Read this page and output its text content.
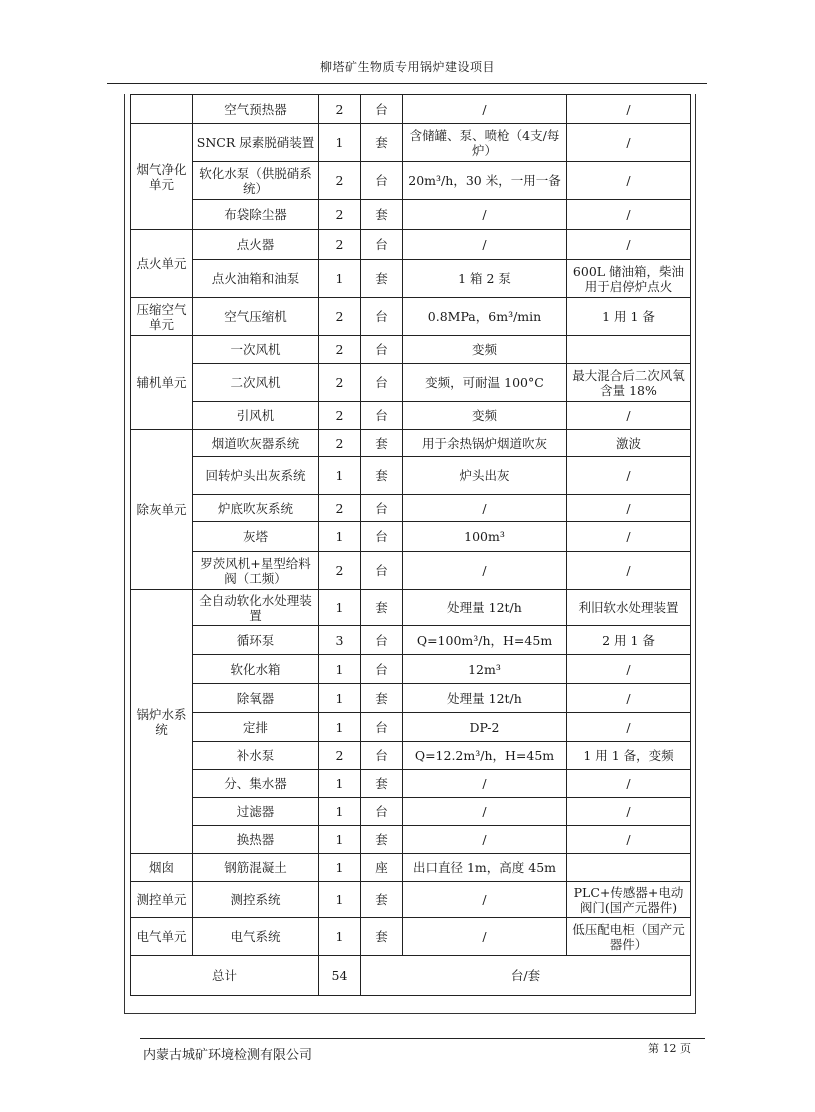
柳塔矿生物质专用锅炉建设项目
	空气预热器	2	台	/	/
烟气净化单元	SNCR 尿素脱硝装置	1	套	含储罐、泵、喷枪（4支/每炉）	/
	软化水泵（供脱硝系统）	2	台	20m³/h，30 米，一用一备	/
	布袋除尘器	2	套	/	/
点火单元	点火器	2	台	/	/
	点火油箱和油泵	1	套	1 箱 2 泵	600L 储油箱，柴油用于启停炉点火
压缩空气单元	空气压缩机	2	台	0.8MPa，6m³/min	1 用 1 备
辅机单元	一次风机	2	台	变频	
	二次风机	2	台	变频，可耐温 100°C	最大混合后二次风氧含量 18%
	引风机	2	台	变频	/
除灰单元	烟道吹灰器系统	2	套	用于余热锅炉烟道吹灰	激波
	回转炉头出灰系统	1	套	炉头出灰	/
	炉底吹灰系统	2	台	/	/
	灰塔	1	台	100m³	/
	罗茨风机+星型给料阀（工频）	2	台	/	/
锅炉水系统	全自动软化水处理装置	1	套	处理量 12t/h	利旧软水处理装置
	循环泵	3	台	Q=100m³/h，H=45m	2 用 1 备
	软化水箱	1	台	12m³	/
	除氧器	1	套	处理量 12t/h	/
	定排	1	台	DP-2	/
	补水泵	2	台	Q=12.2m³/h，H=45m	1 用 1 备，变频
	分、集水器	1	套	/	/
	过滤器	1	台	/	/
	换热器	1	套	/	/
烟囱	钢筋混凝土	1	座	出口直径 1m，高度 45m	
测控单元	测控系统	1	套	/	PLC+传感器+电动阀门(国产元器件)
电气单元	电气系统	1	套	/	低压配电柜（国产元器件）
总计		54	台/套		
内蒙古城矿环境检测有限公司	第 12 页
